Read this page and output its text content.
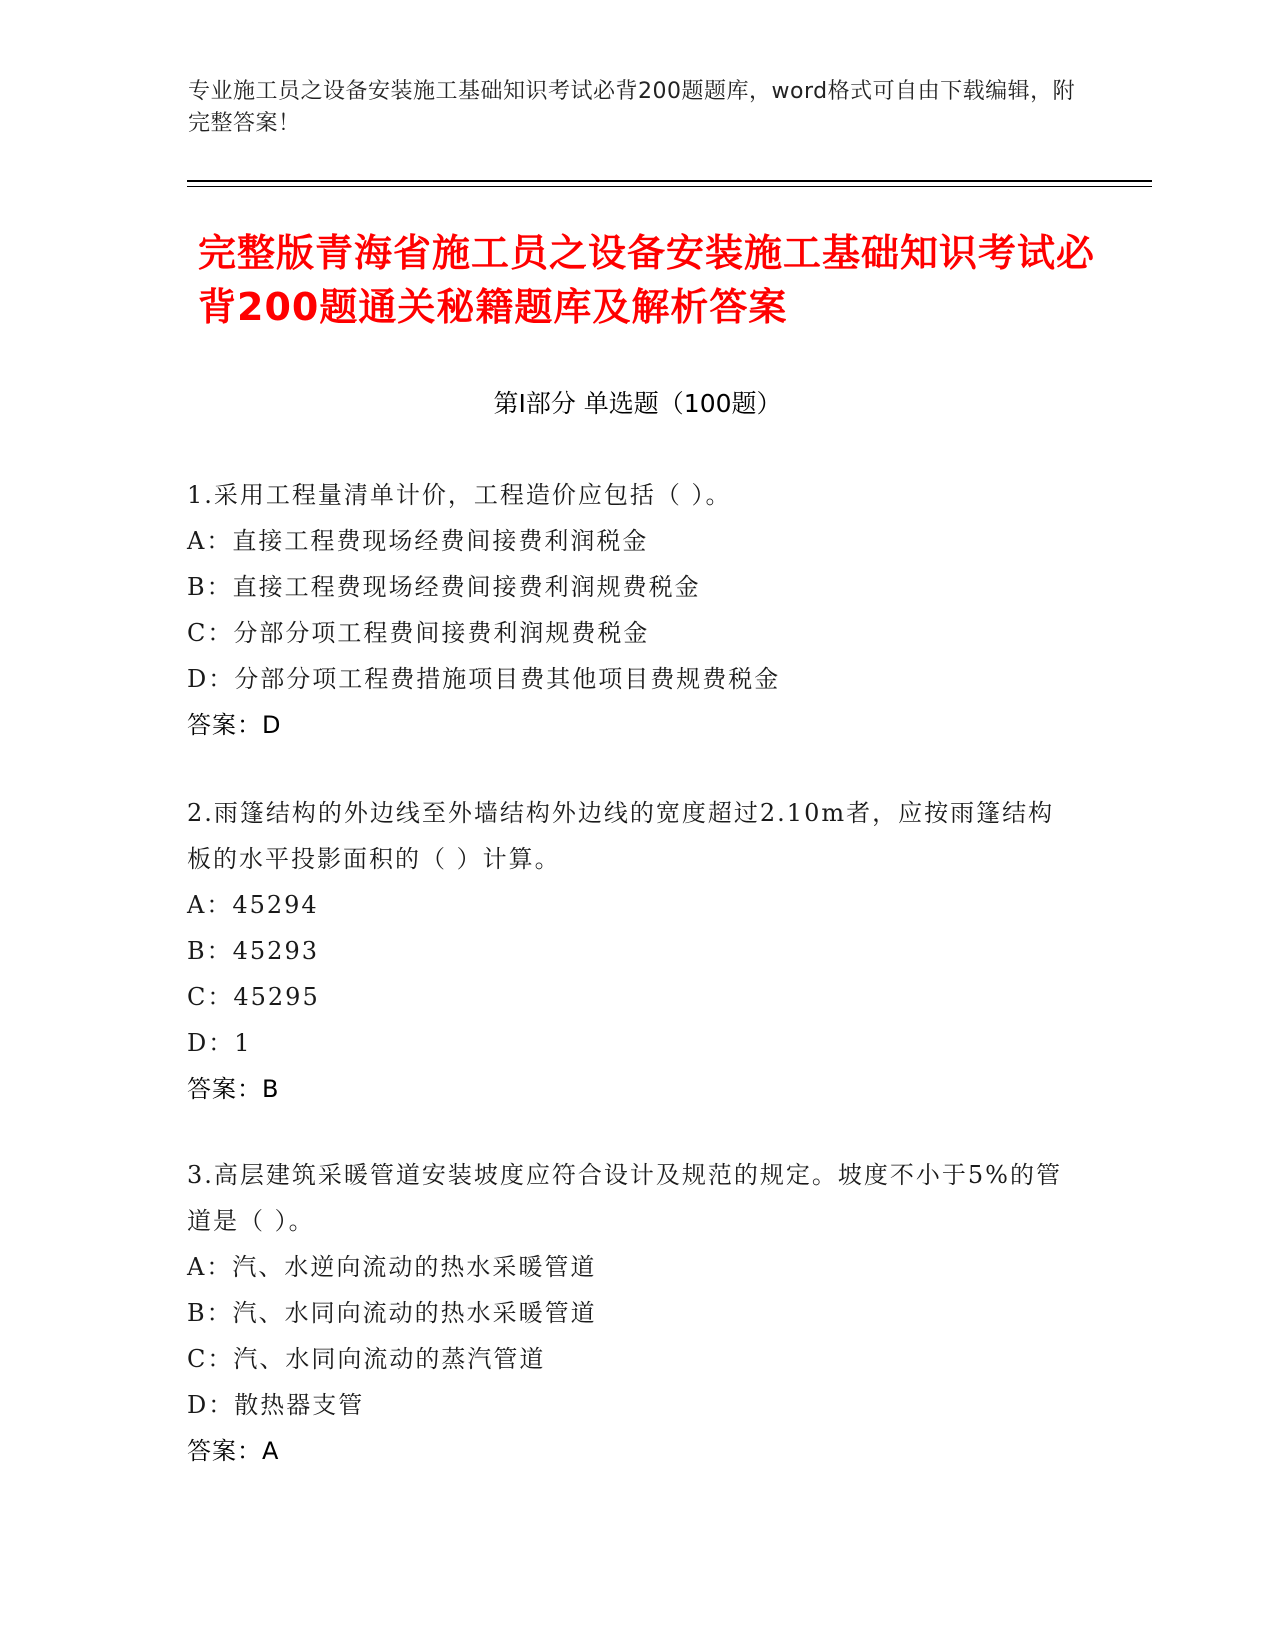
专业施工员之设备安装施工基础知识考试必背200题题库，word格式可自由下载编辑，附完整答案！
完整版青海省施工员之设备安装施工基础知识考试必背200题通关秘籍题库及解析答案
第Ⅰ部分 单选题（100题）

1.采用工程量清单计价，工程造价应包括（ ）。

A：直接工程费现场经费间接费利润税金

B：直接工程费现场经费间接费利润规费税金

C：分部分项工程费间接费利润规费税金

D：分部分项工程费措施项目费其他项目费规费税金

答案：D

2.雨篷结构的外边线至外墙结构外边线的宽度超过2.10m者，应按雨篷结构板的水平投影面积的（ ）计算。

A：45294

B：45293

C：45295

D：1

答案：B

3.高层建筑采暖管道安装坡度应符合设计及规范的规定。坡度不小于5%的管道是（ ）。

A：汽、水逆向流动的热水采暖管道

B：汽、水同向流动的热水采暖管道

C：汽、水同向流动的蒸汽管道

D：散热器支管

答案：A
